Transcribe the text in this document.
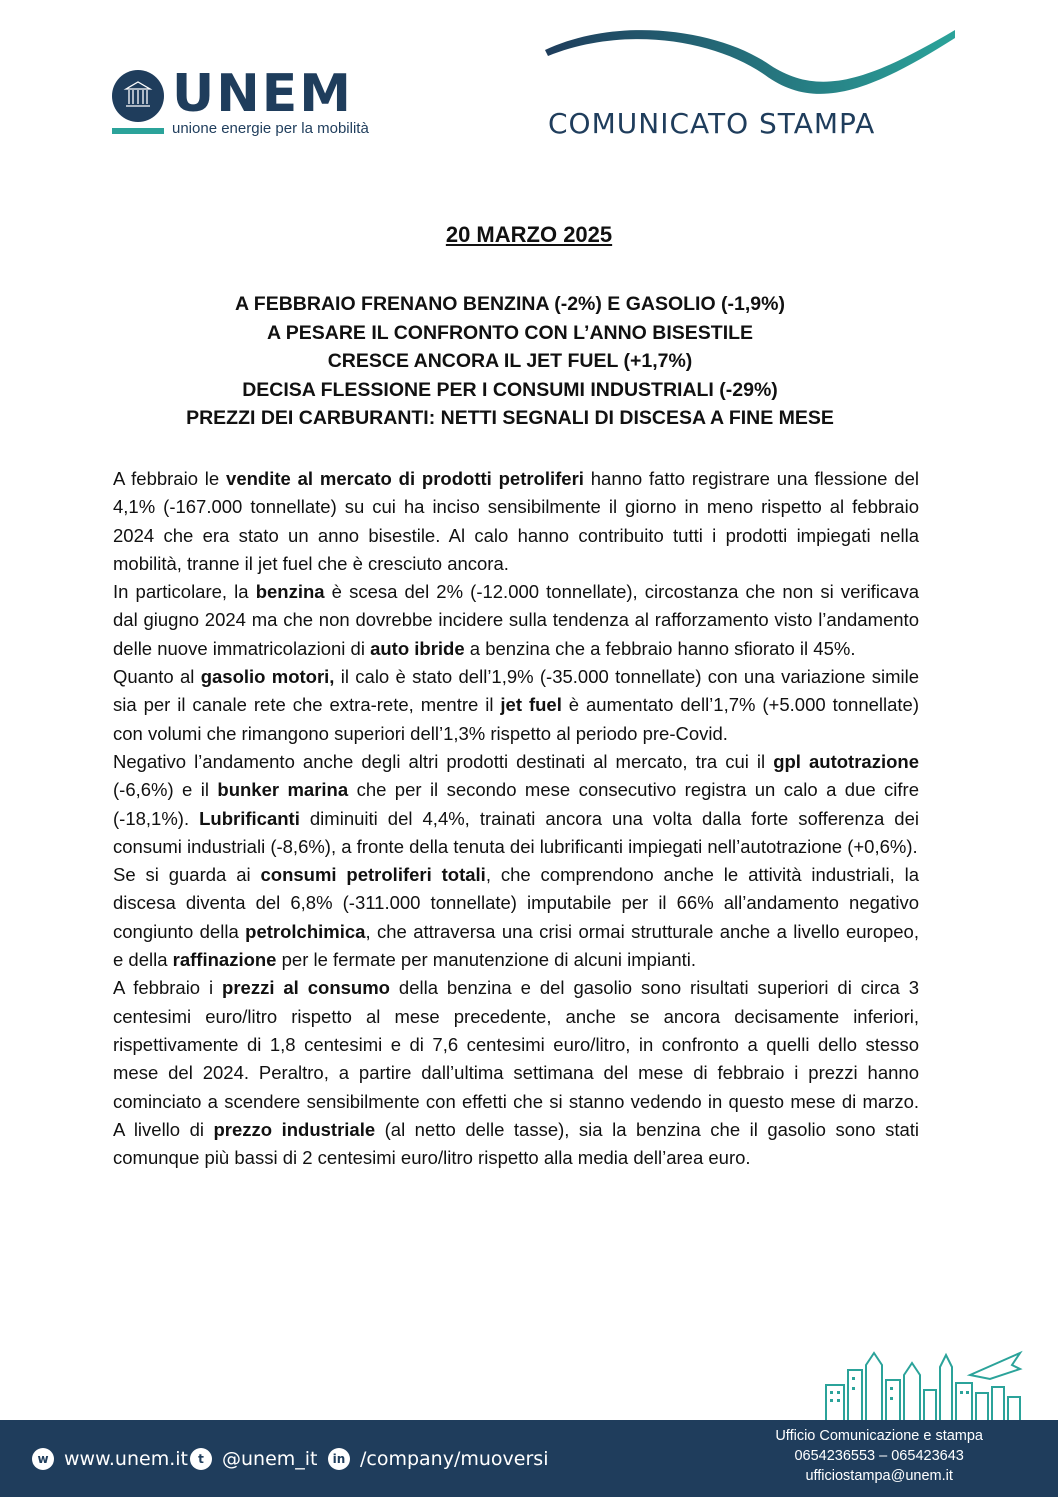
UNEM
unione energie per la mobilità	COMUNICATO STAMPA
20 MARZO 2025
A FEBBRAIO FRENANO BENZINA (-2%) E GASOLIO (-1,9%)
A PESARE IL CONFRONTO CON L’ANNO BISESTILE
CRESCE ANCORA IL JET FUEL (+1,7%)
DECISA FLESSIONE PER I CONSUMI INDUSTRIALI (-29%)
PREZZI DEI CARBURANTI: NETTI SEGNALI DI DISCESA A FINE MESE

A febbraio le vendite al mercato di prodotti petroliferi hanno fatto registrare una flessione del 4,1% (-167.000 tonnellate) su cui ha inciso sensibilmente il giorno in meno rispetto al febbraio 2024 che era stato un anno bisestile. Al calo hanno contribuito tutti i prodotti impiegati nella mobilità, tranne il jet fuel che è cresciuto ancora.

In particolare, la benzina è scesa del 2% (-12.000 tonnellate), circostanza che non si verificava dal giugno 2024 ma che non dovrebbe incidere sulla tendenza al rafforzamento visto l’andamento delle nuove immatricolazioni di auto ibride a benzina che a febbraio hanno sfiorato il 45%.

Quanto al gasolio motori, il calo è stato dell’1,9% (-35.000 tonnellate) con una variazione simile sia per il canale rete che extra-rete, mentre il jet fuel è aumentato dell’1,7% (+5.000 tonnellate) con volumi che rimangono superiori dell’1,3% rispetto al periodo pre-Covid.

Negativo l’andamento anche degli altri prodotti destinati al mercato, tra cui il gpl autotrazione (-6,6%) e il bunker marina che per il secondo mese consecutivo registra un calo a due cifre (-18,1%). Lubrificanti diminuiti del 4,4%, trainati ancora una volta dalla forte sofferenza dei consumi industriali (-8,6%), a fronte della tenuta dei lubrificanti impiegati nell’autotrazione (+0,6%).

Se si guarda ai consumi petroliferi totali, che comprendono anche le attività industriali, la discesa diventa del 6,8% (-311.000 tonnellate) imputabile per il 66% all’andamento negativo congiunto della petrolchimica, che attraversa una crisi ormai strutturale anche a livello europeo, e della raffinazione per le fermate per manutenzione di alcuni impianti.

A febbraio i prezzi al consumo della benzina e del gasolio sono risultati superiori di circa 3 centesimi euro/litro rispetto al mese precedente, anche se ancora decisamente inferiori, rispettivamente di 1,8 centesimi e di 7,6 centesimi euro/litro, in confronto a quelli dello stesso mese del 2024. Peraltro, a partire dall’ultima settimana del mese di febbraio i prezzi hanno cominciato a scendere sensibilmente con effetti che si stanno vedendo in questo mese di marzo. A livello di prezzo industriale (al netto delle tasse), sia la benzina che il gasolio sono stati comunque più bassi di 2 centesimi euro/litro rispetto alla media dell’area euro.

w www.unem.it t @unem_it	in /company/muoversi
Ufficio Comunicazione e stampa
0654236553 – 065423643
ufficiostampa@unem.it
